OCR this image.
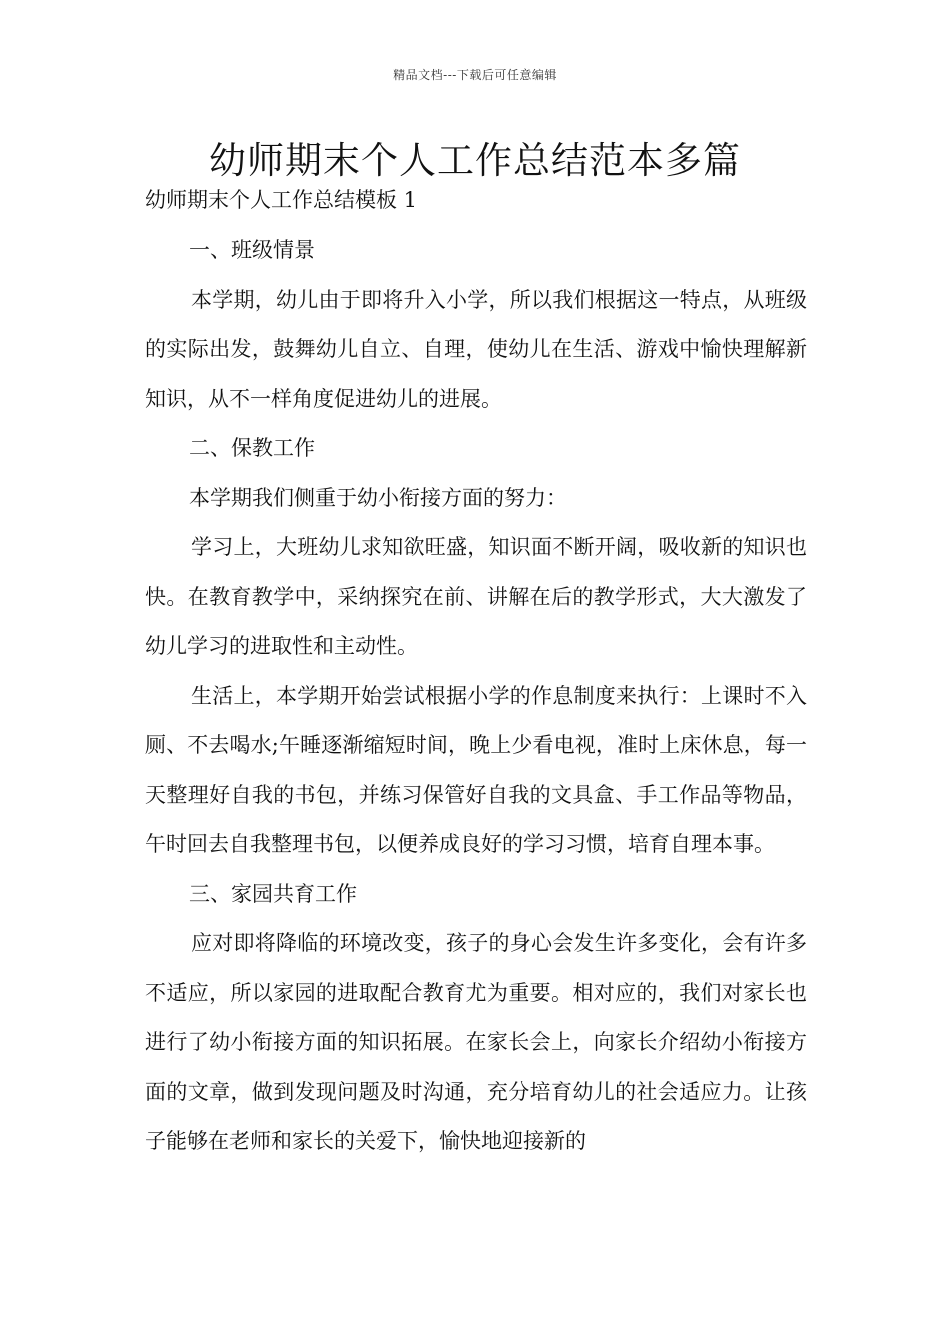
精品文档---下载后可任意编辑
幼师期末个人工作总结范本多篇
幼师期末个人工作总结模板 1

一、班级情景

本学期，幼儿由于即将升入小学，所以我们根据这一特点，从班级的实际出发，鼓舞幼儿自立、自理，使幼儿在生活、游戏中愉快理解新知识，从不一样角度促进幼儿的进展。

二、保教工作

本学期我们侧重于幼小衔接方面的努力：

学习上，大班幼儿求知欲旺盛，知识面不断开阔，吸收新的知识也快。在教育教学中，采纳探究在前、讲解在后的教学形式，大大激发了幼儿学习的进取性和主动性。

生活上，本学期开始尝试根据小学的作息制度来执行：上课时不入厕、不去喝水;午睡逐渐缩短时间，晚上少看电视，准时上床休息，每一天整理好自我的书包，并练习保管好自我的文具盒、手工作品等物品，午时回去自我整理书包，以便养成良好的学习习惯，培育自理本事。

三、家园共育工作

应对即将降临的环境改变，孩子的身心会发生许多变化，会有许多不适应，所以家园的进取配合教育尤为重要。相对应的，我们对家长也进行了幼小衔接方面的知识拓展。在家长会上，向家长介绍幼小衔接方面的文章，做到发现问题及时沟通，充分培育幼儿的社会适应力。让孩子能够在老师和家长的关爱下，愉快地迎接新的
